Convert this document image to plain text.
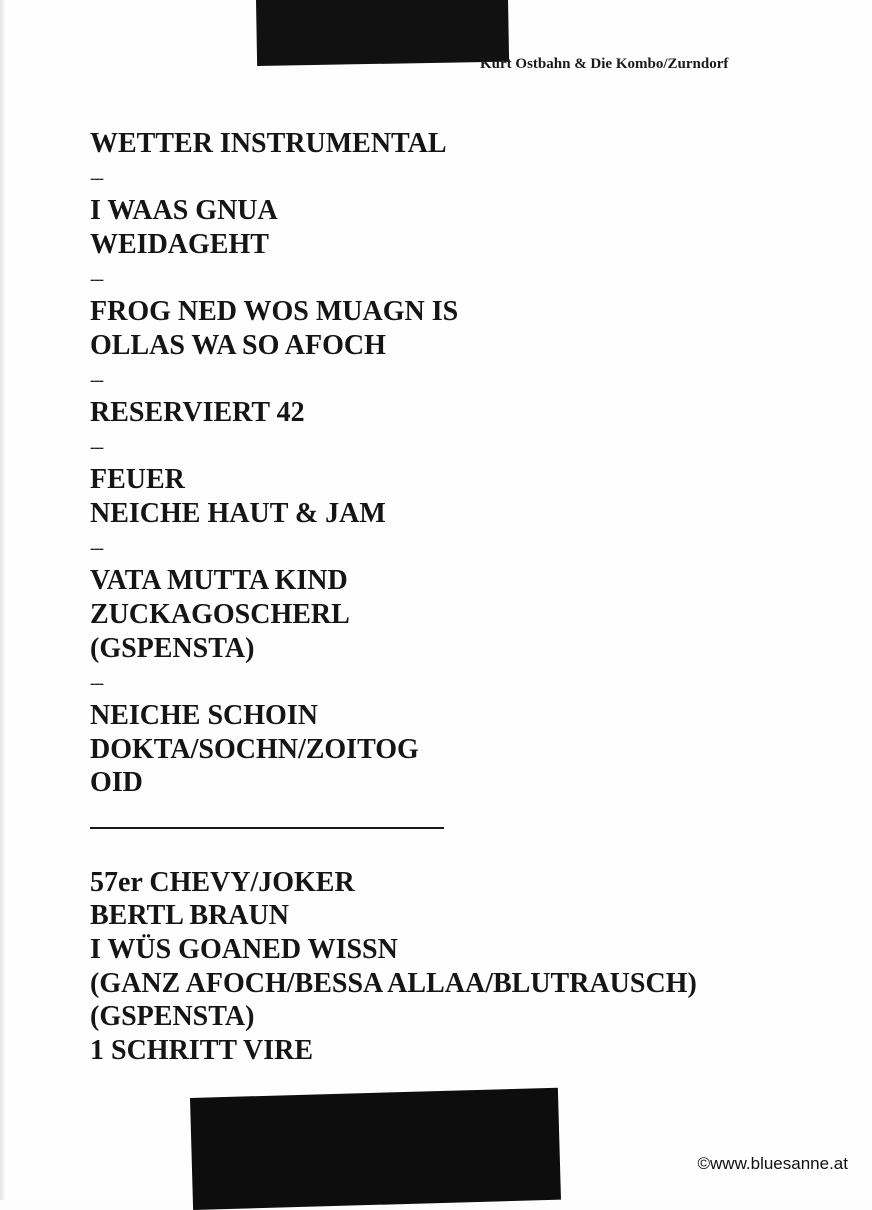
Kurt Ostbahn & Die Kombo/Zurndorf
WETTER INSTRUMENTAL
---
I WAAS GNUA
WEIDAGEHT
---
FROG NED WOS MUAGN IS
OLLAS WA SO AFOCH
---
RESERVIERT 42
---
FEUER
NEICHE HAUT & JAM
---
VATA MUTTA KIND
ZUCKAGOSCHERL
(GSPENSTA)
---
NEICHE SCHOIN
DOKTA/SOCHN/ZOITOG
OID
57er CHEVY/JOKER
BERTL BRAUN
I WÜS GOANED WISSN
(GANZ AFOCH/BESSA ALLAA/BLUTRAUSCH)
(GSPENSTA)
1 SCHRITT VIRE
©www.bluesanne.at
